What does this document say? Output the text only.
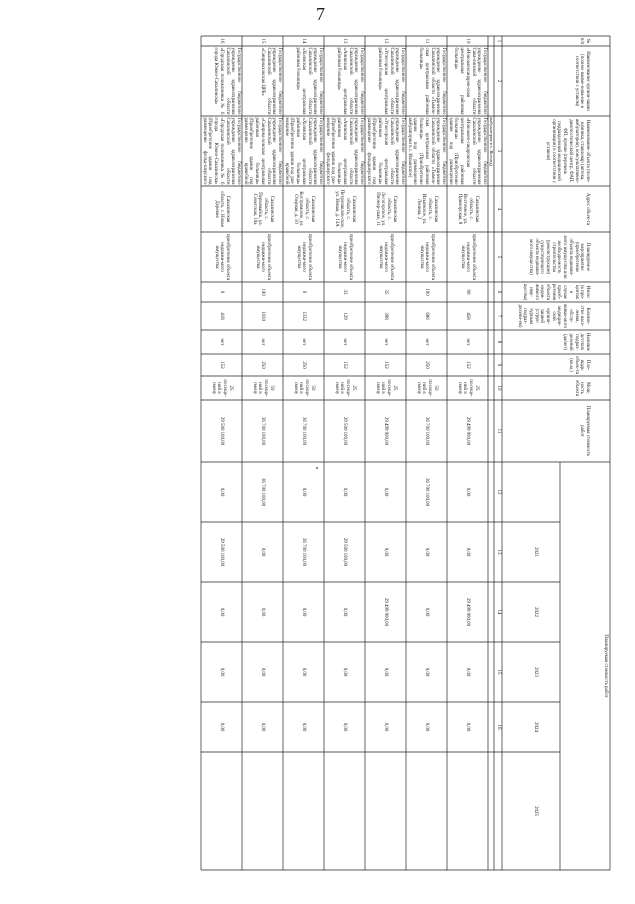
7
№ п/п
Наименование органи-зации (полное наиме-нова-ние в соответствии с уставом)
Наименование объекта (поли-клиника, стационар (аптека, амбулатория), консультативно-диагностический центр, ФАП, ФП, прочие (перечень подразделений медицинской организации) в соответствии с уставом)
Адрес объек-та
Планируемое мероприятие (приобретение объекта недвижи-мого имущества или необходи-мость строительства (реконструкции) существующего объекта недвижи-мого имущества)
Износ (в про-центах в случае приоб-ретения объекта недви-жимого иму-щества)
Количе-ство насе-ления, обслу-живае-мого медицин-ской органи-зацией (струк-турным подраз-делени-ем)
Наличие детских подраз-делений (да/нет)
Пло-щадь объек-та (кв.м.)
Мощ-ность объекта
Планируемая стоимость работ
Планируемая стоимость работ
2021
2022
2023
2024
2025
1
2
3
4
5
6
7
8
9
10
11
12
13
14
15
16
амбулатория в с. Восход)
10
Государственное бюджетное учреждение здравоохранения Сака-линской области «Новоалександров-ская центральная районная больница»
Государственное бюджетное учреждение здравоохранения Сахалинской области «Новоалек-сандровская центральная районная больница» (Приобретение здания под размещение
Сахалинская область, с. Восточное, ул. Приморская, 8
приобретение объекта недвижи-мого имущества
90
458
нет
152
25 посеще-ний в смену
29 499 900,00
0,00
0,00
29 499 900,00
0,00
0,00
11
Государственное бюджетное учреждение здравоохранения Сахалинской области «Тымов-ская центральная районная больница»
Государственное бюджетное учреждение здравоохранения Сахалинской области «Тымов-ская центральная районная больница» (Приобретение здания под размещение амбулатории в с. Ильинское)
Сахалинская область, с. Ильинское, ул. Ленина, 2
приобретение объекта недвижи-мого имущества
100
686
нет
250
50 посеще-ний в смену
36 700 100,00
36 700 100,00
0,00
0,00
0,00
0,00
12
Государственное бюджетное учреждение здравоохранения Сахалинской области «Углегорская центральная районная больница»
Государственное бюджетное учреждение здравоохранения Сахалинской области «Углегорская центральная районная больница» (Приобретение здания под размещение фельдшерского
Сахалинская область, с. Лесогорское, ул. Пионер-ская, 11
приобретение объекта недвижи-мого имущества
35
398
нет
152
25 посеще-ний в смену
29 499 900,00
0,00
0,00
29 499 900,00
0,00
0,00
13
Государственное бюджетное учреждение здравоохранения Сахалинской области «Анивская центральная районная больница»
Государственное бюджетное учреждение здравоохранения Сахалинской области «Анивская центральная районная больница» (Приобретение здания под раз-мещение фельдшерского
Сахалинская область, с. Петропавлов-ское, ул. Новая, д. 13А
приобретение объекта недвижи-мого имущества
33
129
нет
152
25 посеще-ний в смену
29 500 100,00
0,00
29 500 100,00
0,00
0,00
0,00
14
Государственное бюджетное учреждение здравоохранения Сахалинской области «Холмская центральная районная больница»
Государственное бюджетное учреждение здравоохранения Сахалинской области «Холмская центральная районная больница» (Приобретение здания под раз-мещение врачебной
Сахалинская область, с. Костромское, ул. Озерная, д. 10
приобретение объекта недвижи-мого имущества
0
1332
нет
250
50 посеще-ний в смену
36 700 100,00
0,00
36 700 100,00
0,00
0,00
0,00
15
Государственное бюджетное учреждение здравоохранения Сахалинской области «Смирныховская ЦРБ»
Государственное бюджетное учреждение здравоохранения Сахалинской области «Смирны-ховская центральная районная больница» (Приобретение здания под размещение врачебной
Сахалинская область, с. Первомайск, ул. Советская, 10а
приобретение объекта недвижи-мого имущества
100
1030
нет
250
50 посеще-ний в смену
36 700 100,00
36 700 100,00
0,00
0,00
0,00
0,00
16
Государственное бюджетное учреждение здравоохранения Сахалинской области «Городская поликлиника № 6 города Южно-Сахалинска»
Государственное бюджетное учреждение здравоохранения Сахалинской области «Городская поликлиника № 6 города Южно-Сахалинска» (Приобретение здания под размещение фельд-шерского
Сахалинская область, с. Новая Деревня
приобретение объекта недвижи-мого имущества
0
418
нет
152
25 посеще-ний в смену
29 500 100,00
0,00
29 500 100,00
0,00
0,00
0,00
